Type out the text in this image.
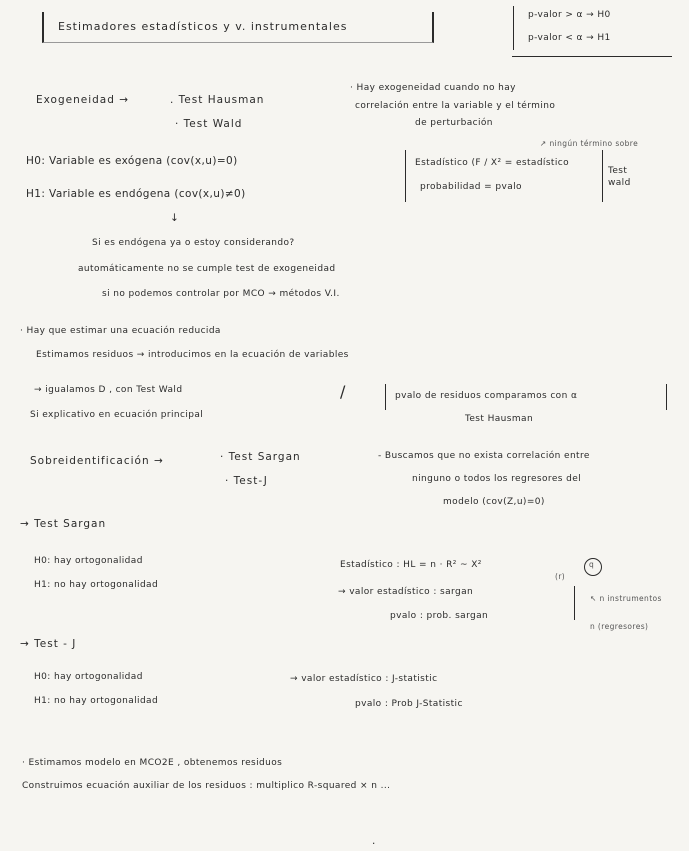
Estimadores estadísticos y v. instrumentales
p-valor > α → H0
p-valor < α → H1
Exogeneidad →	. Test Hausman
· Test Wald
· Hay exogeneidad cuando no hay
correlación entre la variable y el término
de perturbación
↗ ningún término sobre
H0: Variable es exógena (cov(x,u)=0)
H1: Variable es endógena (cov(x,u)≠0)
Estadístico (F / X² = estadístico
probabilidad = pvalo
Test wald
↓
Si es endógena ya o estoy considerando?
automáticamente no se cumple test de exogeneidad
si no podemos controlar por MCO → métodos V.I.
· Hay que estimar una ecuación reducida
Estimamos residuos → introducimos en la ecuación de variables
→ igualamos D , con Test Wald	/
Si explicativo en ecuación principal
pvalo de residuos comparamos con α
Test Hausman
Sobreidentificación →	· Test Sargan
· Test-J
- Buscamos que no exista correlación entre
ninguno o todos los regresores del
modelo (cov(Z,u)=0)
→ Test Sargan
H0: hay ortogonalidad
H1: no hay ortogonalidad
Estadístico : HL = n · R² ~ X²
(r)
q
→ valor estadístico : sargan
pvalo : prob. sargan
↖ n instrumentos
n (regresores)
→ Test - J
H0: hay ortogonalidad
H1: no hay ortogonalidad
→ valor estadístico : J-statistic
pvalo : Prob J-Statistic
· Estimamos modelo en MCO2E , obtenemos residuos
Construimos ecuación auxiliar de los residuos : multiplico R-squared × n ...
·
